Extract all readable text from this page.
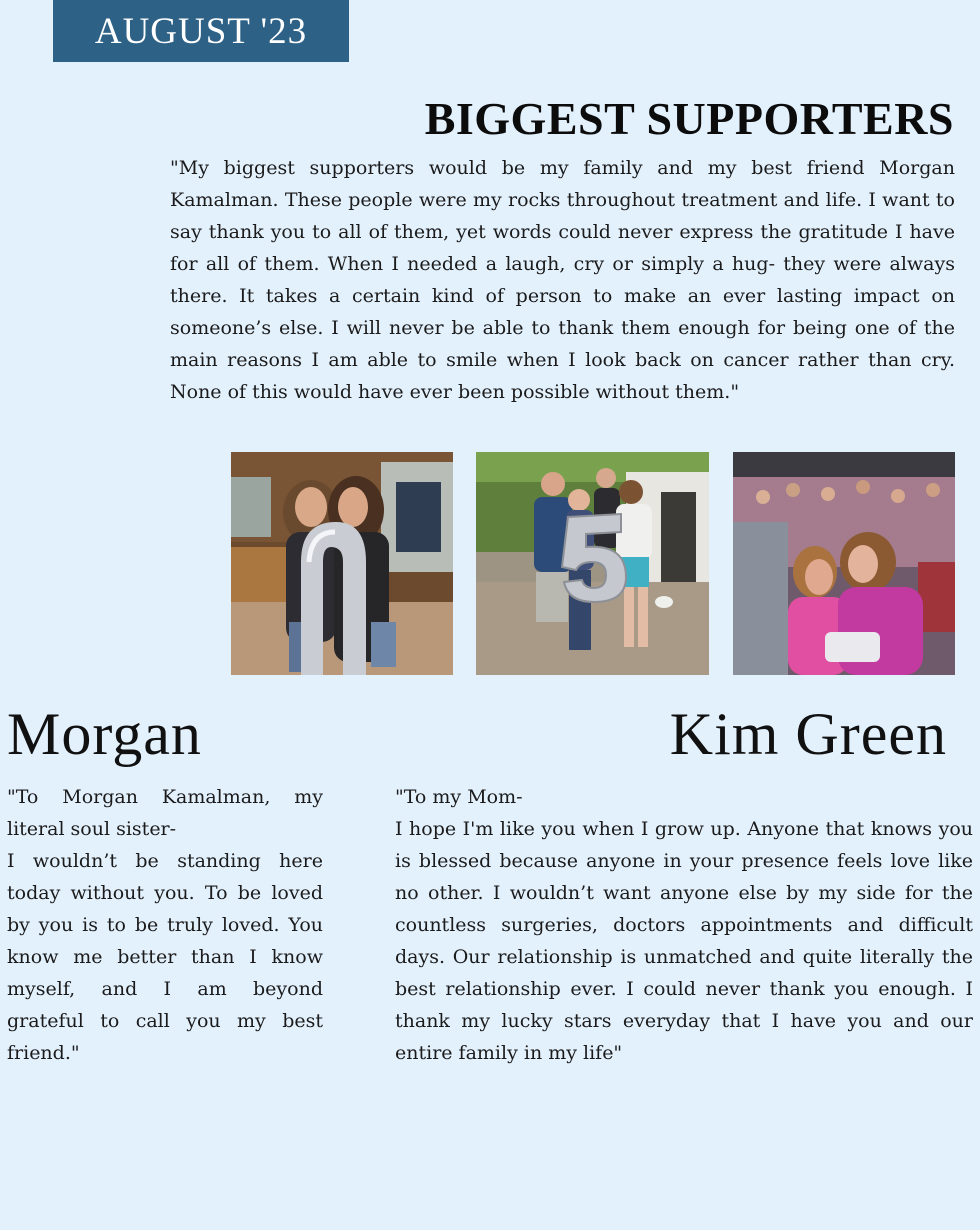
AUGUST '23
BIGGEST SUPPORTERS

"My biggest supporters would be my family and my best friend Morgan Kamalman. These people were my rocks throughout treatment and life. I want to say thank you to all of them, yet words could never express the gratitude I have for all of them. When I needed a laugh, cry or simply a hug- they were always there. It takes a certain kind of person to make an ever lasting impact on someone’s else. I will never be able to thank them enough for being one of the main reasons I am able to smile when I look back on cancer rather than cry. None of this would have ever been possible without them."

Morgan	Kim Green

"To Morgan Kamalman, my literal soul sister-
I wouldn’t be standing here today without you. To be loved by you is to be truly loved. You know me better than I know myself, and I am beyond grateful to call you my best friend."

"To my Mom-
I hope I'm like you when I grow up. Anyone that knows you is blessed because anyone in your presence feels love like no other. I wouldn’t want anyone else by my side for the countless surgeries, doctors appointments and difficult days. Our relationship is unmatched and quite literally the best relationship ever. I could never thank you enough. I thank my lucky stars everyday that I have you and our entire family in my life"
